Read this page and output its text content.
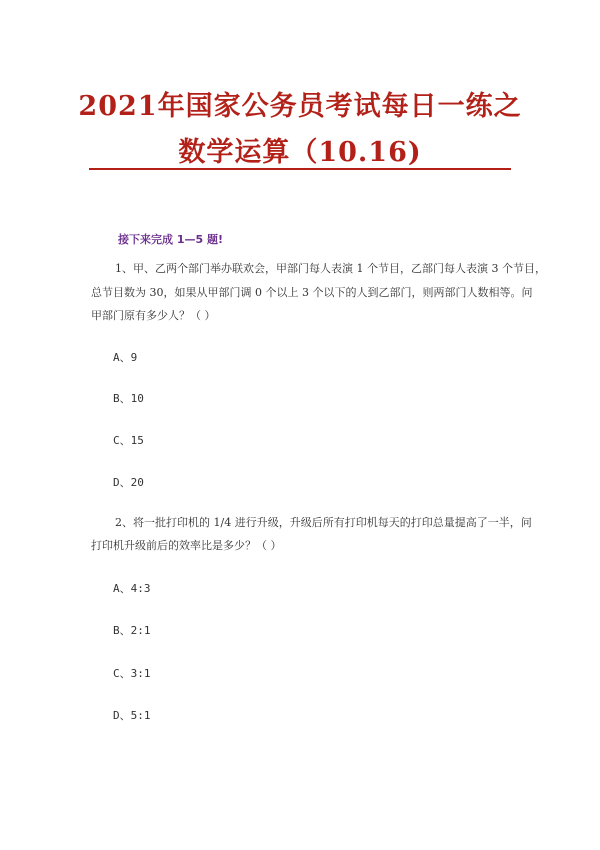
2021年国家公务员考试每日一练之
数学运算（10.16)
接下来完成 1—5 题!
1、甲、乙两个部门举办联欢会，甲部门每人表演 1 个节目，乙部门每人表演 3 个节目，
总节目数为 30，如果从甲部门调 0 个以上 3 个以下的人到乙部门，则两部门人数相等。问
甲部门原有多少人？（ ）
A、9
B、10
C、15
D、20
2、将一批打印机的 1/4 进行升级，升级后所有打印机每天的打印总量提高了一半，问
打印机升级前后的效率比是多少？（ ）
A、4:3
B、2:1
C、3:1
D、5:1
